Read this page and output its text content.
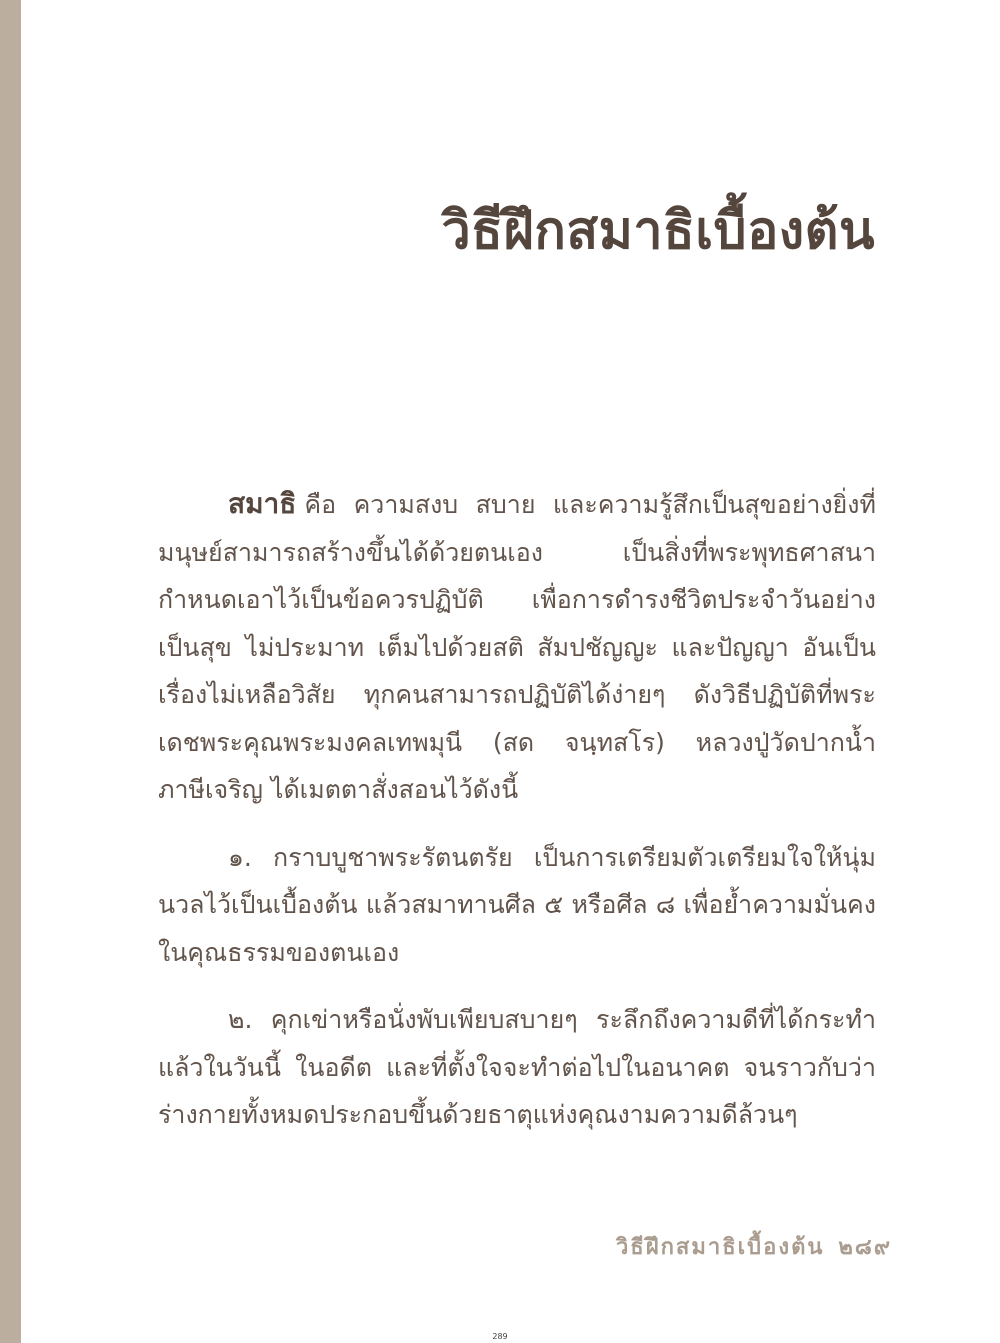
วิธีฝึกสมาธิเบื้องต้น

สมาธิ คือ ความสงบ สบาย และความรู้สึกเป็นสุขอย่างยิ่งที่มนุษย์สามารถสร้างขึ้นได้ด้วยตนเอง เป็นสิ่งที่พระพุทธศาสนากำหนดเอาไว้เป็นข้อควรปฏิบัติ เพื่อการดำรงชีวิตประจำวันอย่างเป็นสุข ไม่ประมาท เต็มไปด้วยสติ สัมปชัญญะ และปัญญา อันเป็นเรื่องไม่เหลือวิสัย ทุกคนสามารถปฏิบัติได้ง่ายๆ ดังวิธีปฏิบัติที่พระเดชพระคุณพระมงคลเทพมุนี (สด จนฺทสโร) หลวงปู่วัดปากน้ำ ภาษีเจริญ ได้เมตตาสั่งสอนไว้ดังนี้

๑. กราบบูชาพระรัตนตรัย เป็นการเตรียมตัวเตรียมใจให้นุ่มนวลไว้เป็นเบื้องต้น แล้วสมาทานศีล ๕ หรือศีล ๘ เพื่อย้ำความมั่นคงในคุณธรรมของตนเอง

๒. คุกเข่าหรือนั่งพับเพียบสบายๆ ระลึกถึงความดีที่ได้กระทำแล้วในวันนี้ ในอดีต และที่ตั้งใจจะทำต่อไปในอนาคต จนราวกับว่าร่างกายทั้งหมดประกอบขึ้นด้วยธาตุแห่งคุณงามความดีล้วนๆ

วิธีฝึกสมาธิเบื้องต้น ๒๘๙
289
